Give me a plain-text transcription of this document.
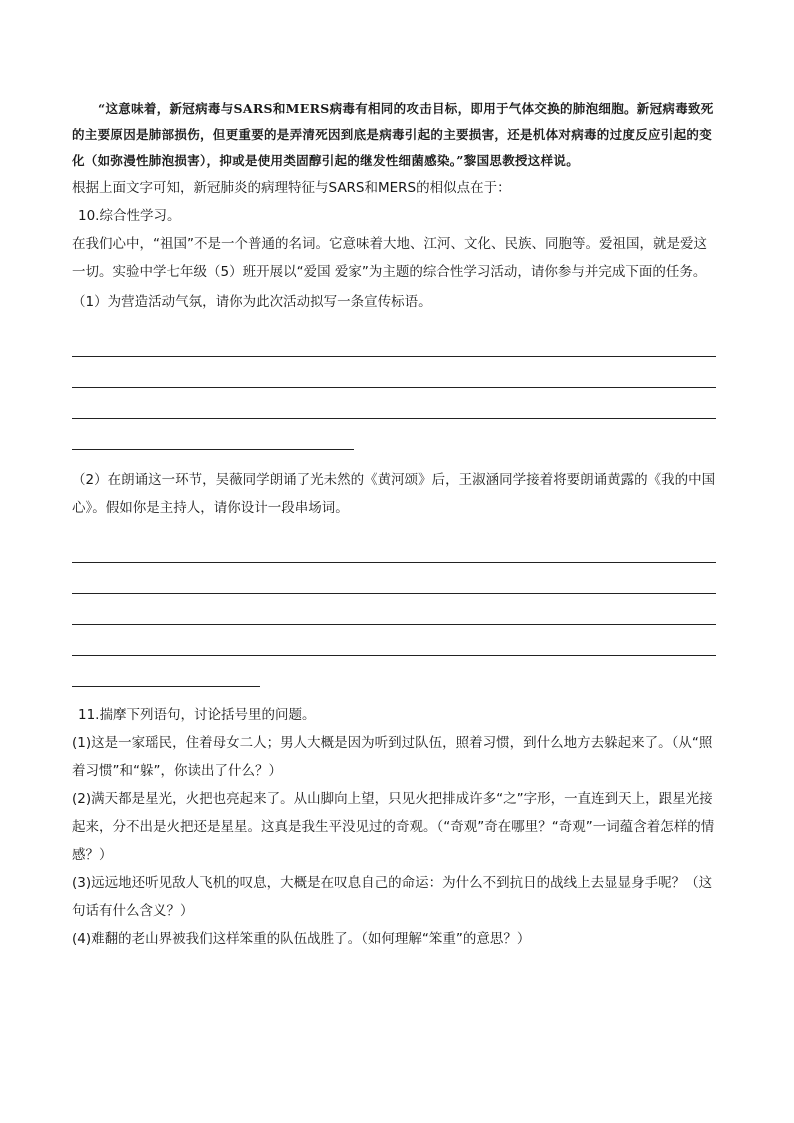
“这意味着，新冠病毒与SARS和MERS病毒有相同的攻击目标，即用于气体交换的肺泡细胞。新冠病毒致死的主要原因是肺部损伤，但更重要的是弄清死因到底是病毒引起的主要损害，还是机体对病毒的过度反应引起的变化（如弥漫性肺泡损害），抑或是使用类固醇引起的继发性细菌感染。”黎国思教授这样说。

根据上面文字可知，新冠肺炎的病理特征与SARS和MERS的相似点在于：

10.综合性学习。

在我们心中，“祖国”不是一个普通的名词。它意味着大地、江河、文化、民族、同胞等。爱祖国，就是爱这一切。实验中学七年级（5）班开展以“爱国 爱家”为主题的综合性学习活动，请你参与并完成下面的任务。

（1）为营造活动气氛，请你为此次活动拟写一条宣传标语。

（2）在朗诵这一环节，吴薇同学朗诵了光未然的《黄河颂》后，王淑涵同学接着将要朗诵黄露的《我的中国心》。假如你是主持人，请你设计一段串场词。

11.揣摩下列语句，讨论括号里的问题。

(1)这是一家瑶民，住着母女二人；男人大概是因为听到过队伍，照着习惯，到什么地方去躲起来了。（从“照着习惯”和“躲”，你读出了什么？）

(2)满天都是星光，火把也亮起来了。从山脚向上望，只见火把排成许多“之”字形，一直连到天上，跟星光接起来，分不出是火把还是星星。这真是我生平没见过的奇观。（“奇观”奇在哪里？“奇观”一词蕴含着怎样的情感？）

(3)远远地还听见敌人飞机的叹息，大概是在叹息自己的命运：为什么不到抗日的战线上去显显身手呢？（这句话有什么含义？）

(4)难翻的老山界被我们这样笨重的队伍战胜了。（如何理解“笨重”的意思？）
